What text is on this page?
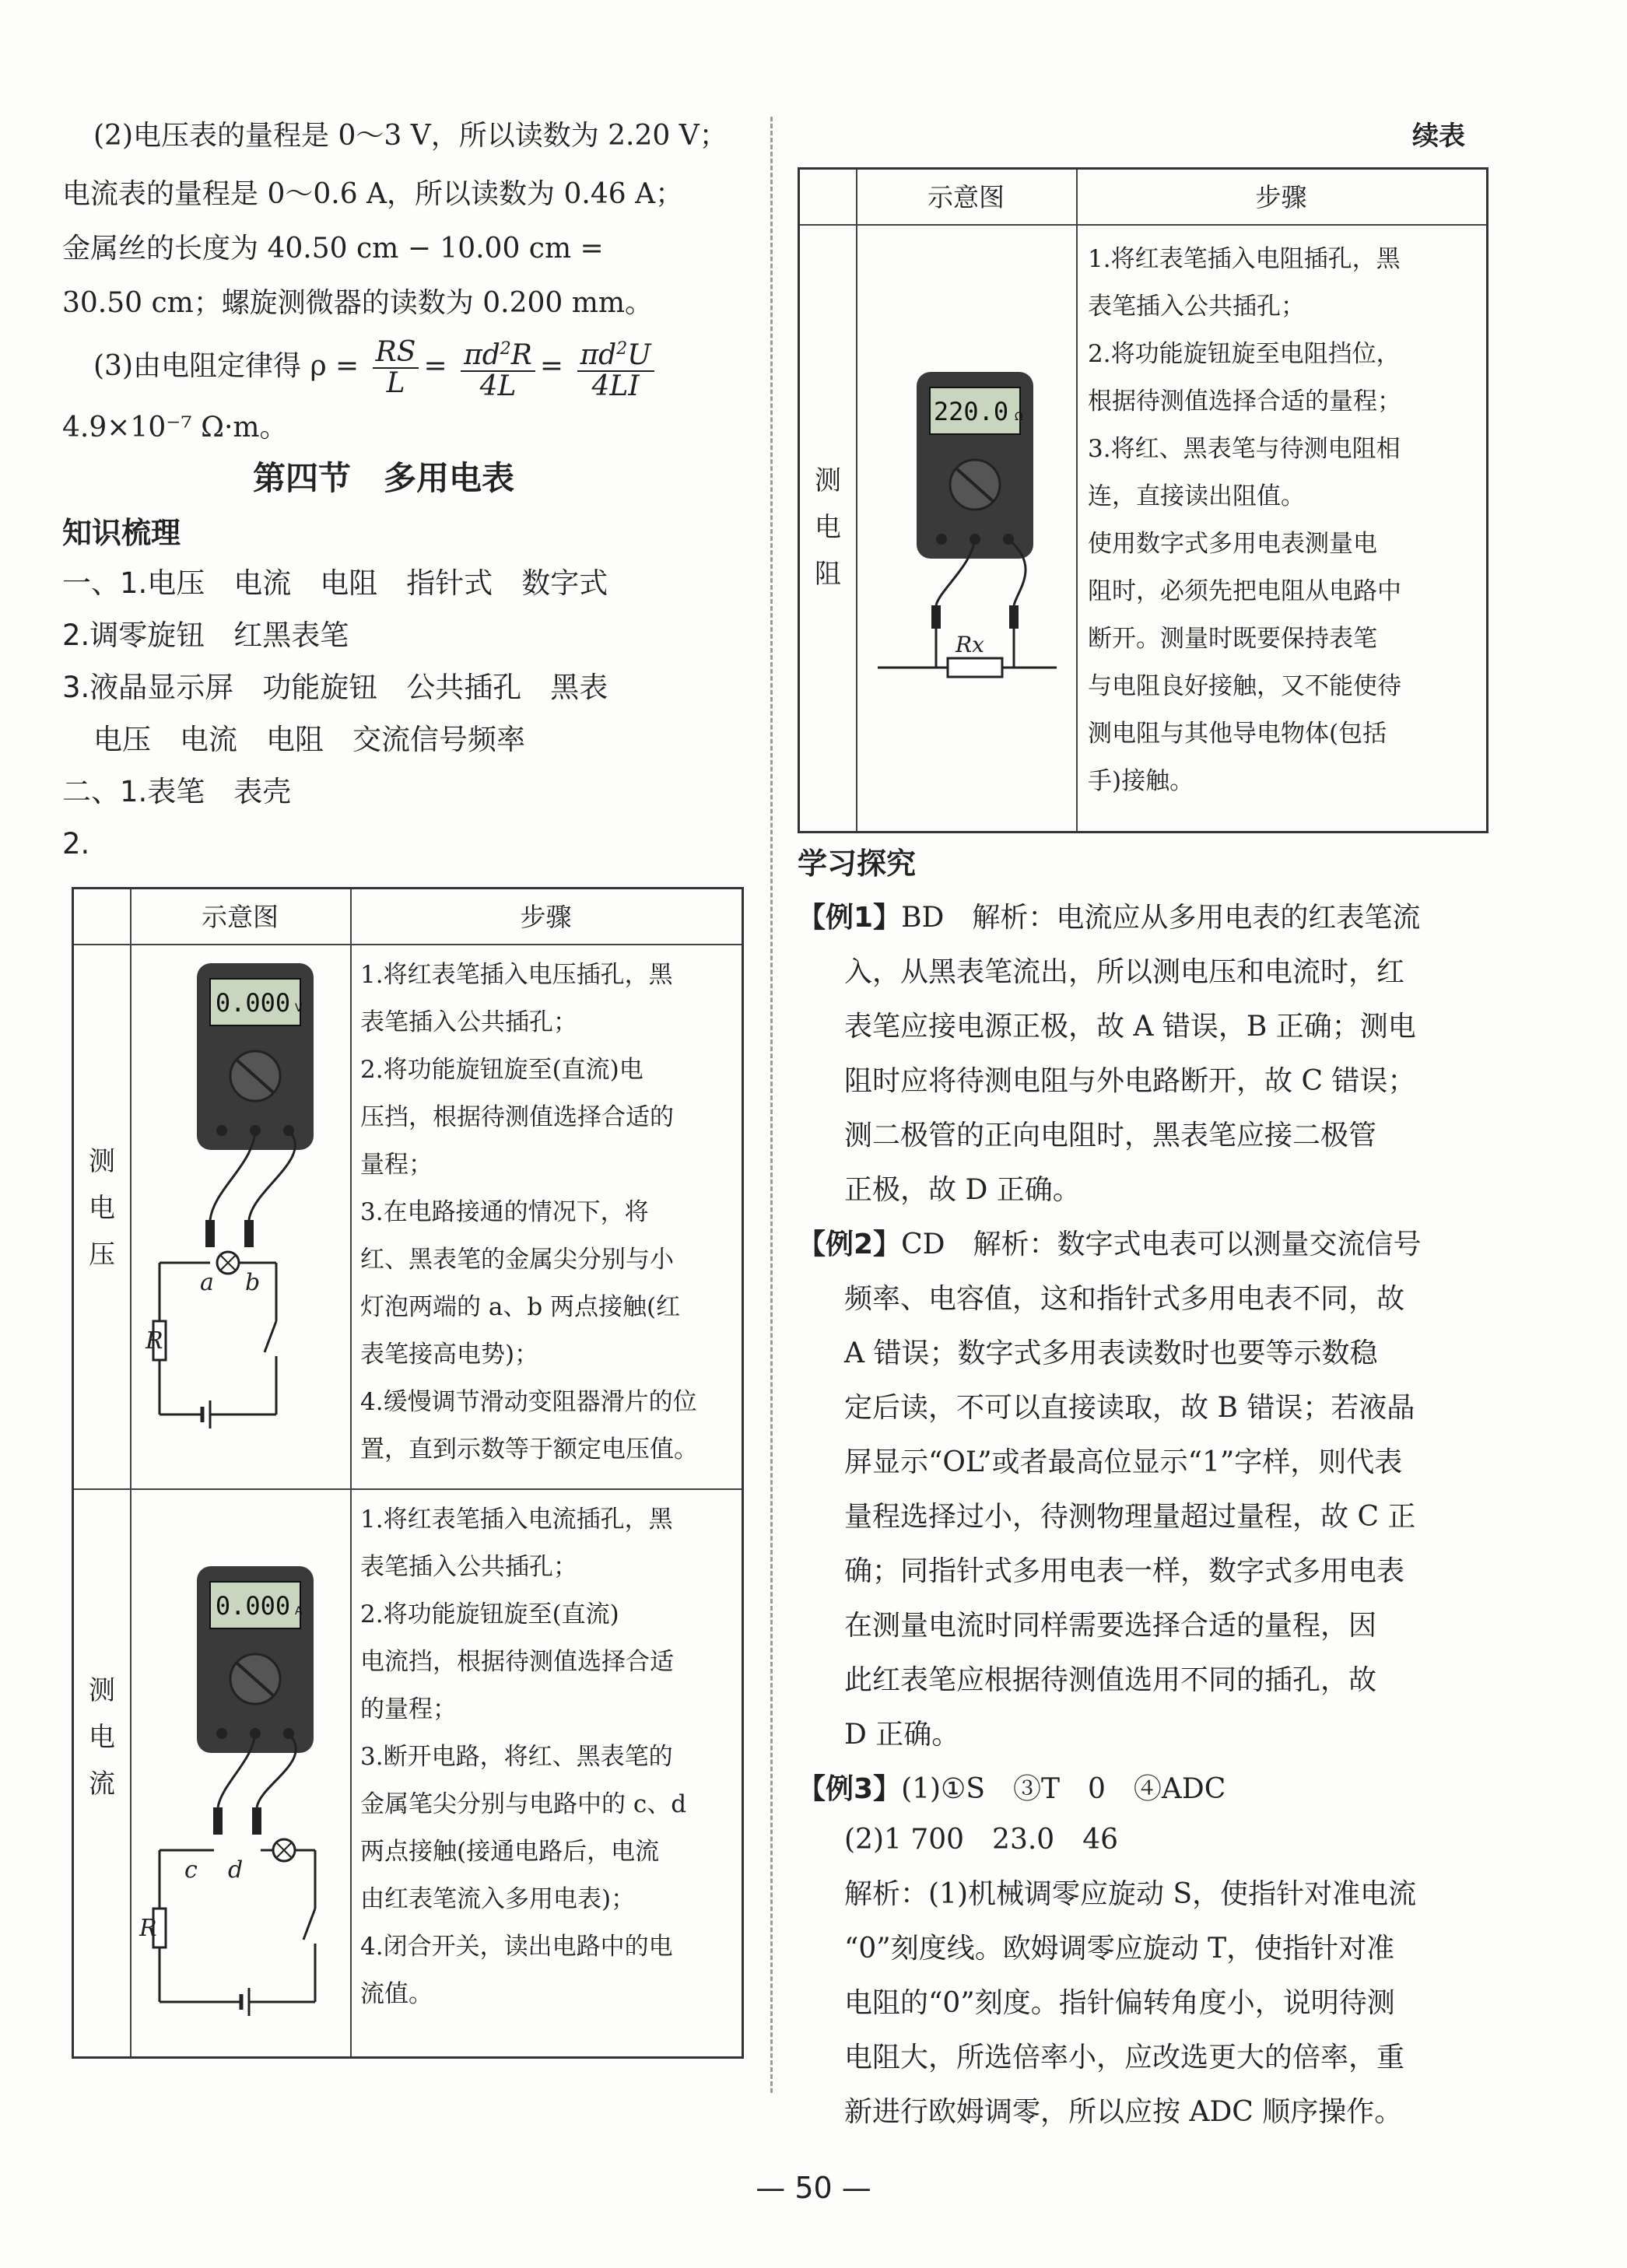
(2)电压表的量程是 0～3 V，所以读数为 2.20 V；
电流表的量程是 0～0.6 A，所以读数为 0.46 A；
金属丝的长度为 40.50 cm − 10.00 cm =
30.50 cm；螺旋测微器的读数为 0.200 mm。
(3)由电阻定律得 $\rho = \frac{RS}{L} = \frac{\pi d^2R}{4L} = \frac{\pi d^2U}{4LI}$
4.9×10⁻⁷ Ω·m。
第四节　多用电表
知识梳理
一、1.电压　电流　电阻　指针式　数字式
2.调零旋钮　红黑表笔
3.液晶显示屏　功能旋钮　公共插孔　黑表
电压　电流　电阻　交流信号频率
二、1.表笔　表壳
2.
示意图	步骤
测
电
压
0.000 V
R
a b
1.将红表笔插入电压插孔，黑
表笔插入公共插孔；
2.将功能旋钮旋至(直流)电
压挡，根据待测值选择合适的
量程；
3.在电路接通的情况下，将
红、黑表笔的金属尖分别与小
灯泡两端的 a、b 两点接触(红
表笔接高电势)；
4.缓慢调节滑动变阻器滑片的位
置，直到示数等于额定电压值。
测
电
流
0.000 A
R
c d
1.将红表笔插入电流插孔，黑
表笔插入公共插孔；
2.将功能旋钮旋至(直流)
电流挡，根据待测值选择合适
的量程；
3.断开电路，将红、黑表笔的
金属笔尖分别与电路中的 c、d
两点接触(接通电路后，电流
由红表笔流入多用电表)；
4.闭合开关，读出电路中的电
流值。
续表
示意图	步骤
测
电
阻
220.0 Ω
Rx
1.将红表笔插入电阻插孔，黑
表笔插入公共插孔；
2.将功能旋钮旋至电阻挡位，
根据待测值选择合适的量程；
3.将红、黑表笔与待测电阻相
连，直接读出阻值。
使用数字式多用电表测量电
阻时，必须先把电阻从电路中
断开。测量时既要保持表笔
与电阻良好接触，又不能使待
测电阻与其他导电物体(包括
手)接触。
学习探究
【例1】BD　 解析：电流应从多用电表的红表笔流
入，从黑表笔流出，所以测电压和电流时，红
表笔应接电源正极，故 A 错误，B 正确；测电
阻时应将待测电阻与外电路断开，故 C 错误；
测二极管的正向电阻时，黑表笔应接二极管
正极，故 D 正确。
【例2】CD　 解析：数字式电表可以测量交流信号
频率、电容值，这和指针式多用电表不同，故
A 错误；数字式多用表读数时也要等示数稳
定后读，不可以直接读取，故 B 错误；若液晶
屏显示“OL”或者最高位显示“1”字样，则代表
量程选择过小，待测物理量超过量程，故 C 正
确；同指针式多用电表一样，数字式多用电表
在测量电流时同样需要选择合适的量程，因
此红表笔应根据待测值选用不同的插孔，故
D 正确。
【例3】(1)①S　③T　0　④ADC
(2)1 700　23.0　46
解析：(1)机械调零应旋动 S，使指针对准电流
“0”刻度线。欧姆调零应旋动 T，使指针对准
电阻的“0”刻度。指针偏转角度小，说明待测
电阻大，所选倍率小，应改选更大的倍率，重
新进行欧姆调零，所以应按 ADC 顺序操作。
— 50 —
